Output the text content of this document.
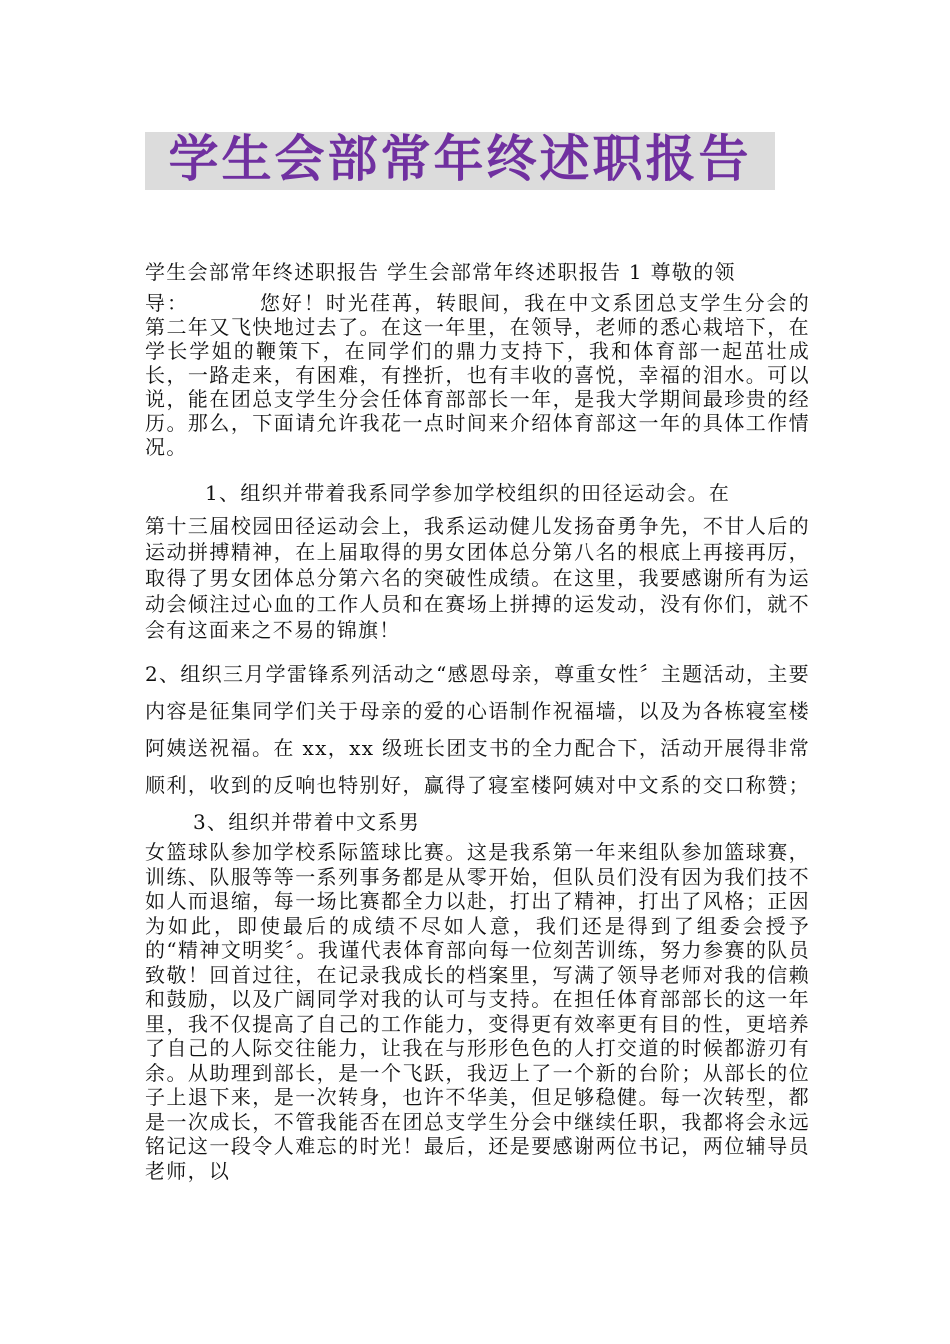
学生会部常年终述职报告
学生会部常年终述职报告 学生会部常年终述职报告 1 尊敬的领
导：	您好！时光荏苒，转眼间，我在中文系团总支学生分会的第二年又飞快地过去了。在这一年里，在领导，老师的悉心栽培下，在学长学姐的鞭策下，在同学们的鼎力支持下，我和体育部一起茁壮成长，一路走来，有困难，有挫折，也有丰收的喜悦，幸福的泪水。可以说，能在团总支学生分会任体育部部长一年，是我大学期间最珍贵的经历。那么，下面请允许我花一点时间来介绍体育部这一年的具体工作情况。
1、组织并带着我系同学参加学校组织的田径运动会。在
第十三届校园田径运动会上，我系运动健儿发扬奋勇争先，不甘人后的运动拼搏精神，在上届取得的男女团体总分第八名的根底上再接再厉，取得了男女团体总分第六名的突破性成绩。在这里，我要感谢所有为运动会倾注过心血的工作人员和在赛场上拼搏的运发动，没有你们，就不会有这面来之不易的锦旗！
2、组织三月学雷锋系列活动之“感恩母亲，尊重女性〞主题活动，主要内容是征集同学们关于母亲的爱的心语制作祝福墙，以及为各栋寝室楼阿姨送祝福。在 xx，xx 级班长团支书的全力配合下，活动开展得非常顺利，收到的反响也特别好，赢得了寝室楼阿姨对中文系的交口称赞；3、组织并带着中文系男
女篮球队参加学校系际篮球比赛。这是我系第一年来组队参加篮球赛，训练、队服等等一系列事务都是从零开始，但队员们没有因为我们技不如人而退缩，每一场比赛都全力以赴，打出了精神，打出了风格；正因为如此，即使最后的成绩不尽如人意，我们还是得到了组委会授予的“精神文明奖〞。我谨代表体育部向每一位刻苦训练，努力参赛的队员致敬！回首过往，在记录我成长的档案里，写满了领导老师对我的信赖和鼓励，以及广阔同学对我的认可与支持。在担任体育部部长的这一年里，我不仅提高了自己的工作能力，变得更有效率更有目的性，更培养了自己的人际交往能力，让我在与形形色色的人打交道的时候都游刃有余。从助理到部长，是一个飞跃，我迈上了一个新的台阶；从部长的位子上退下来，是一次转身，也许不华美，但足够稳健。每一次转型，都是一次成长，不管我能否在团总支学生分会中继续任职，我都将会永远铭记这一段令人难忘的时光！最后，还是要感谢两位书记，两位辅导员老师，以
